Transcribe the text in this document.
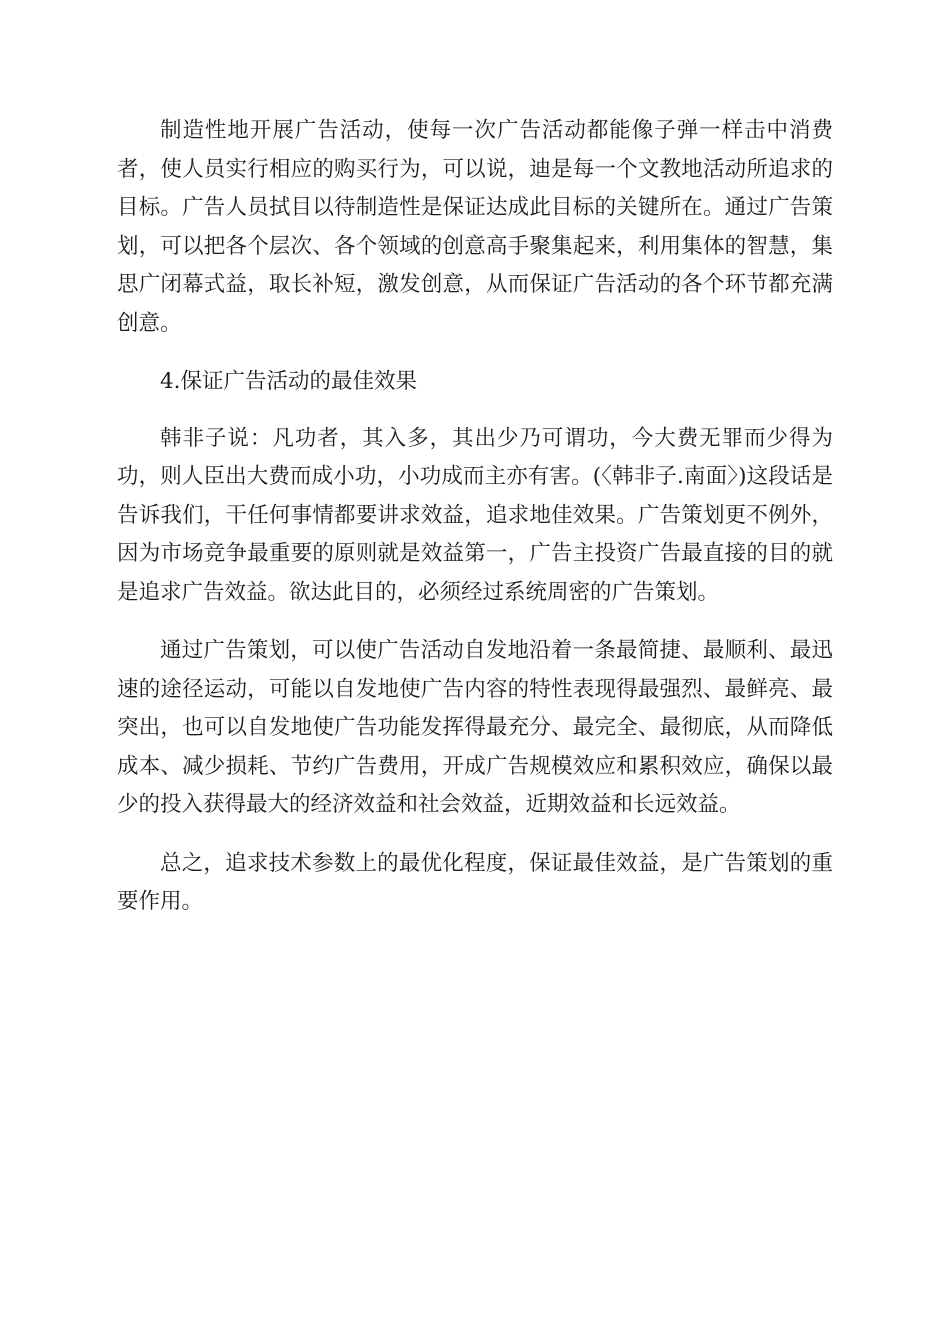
制造性地开展广告活动，使每一次广告活动都能像子弹一样击中消费者，使人员实行相应的购买行为，可以说，迪是每一个文教地活动所追求的目标。广告人员拭目以待制造性是保证达成此目标的关键所在。通过广告策划，可以把各个层次、各个领域的创意高手聚集起来，利用集体的智慧，集思广闭幕式益，取长补短，激发创意，从而保证广告活动的各个环节都充满创意。

4.保证广告活动的最佳效果

韩非子说：凡功者，其入多，其出少乃可谓功，今大费无罪而少得为功，则人臣出大费而成小功，小功成而主亦有害。(〈韩非子.南面〉)这段话是告诉我们，干任何事情都要讲求效益，追求地佳效果。广告策划更不例外，因为市场竞争最重要的原则就是效益第一，广告主投资广告最直接的目的就是追求广告效益。欲达此目的，必须经过系统周密的广告策划。

通过广告策划，可以使广告活动自发地沿着一条最简捷、最顺利、最迅速的途径运动，可能以自发地使广告内容的特性表现得最强烈、最鲜亮、最突出，也可以自发地使广告功能发挥得最充分、最完全、最彻底，从而降低成本、减少损耗、节约广告费用，开成广告规模效应和累积效应，确保以最少的投入获得最大的经济效益和社会效益，近期效益和长远效益。

总之，追求技术参数上的最优化程度，保证最佳效益，是广告策划的重要作用。
